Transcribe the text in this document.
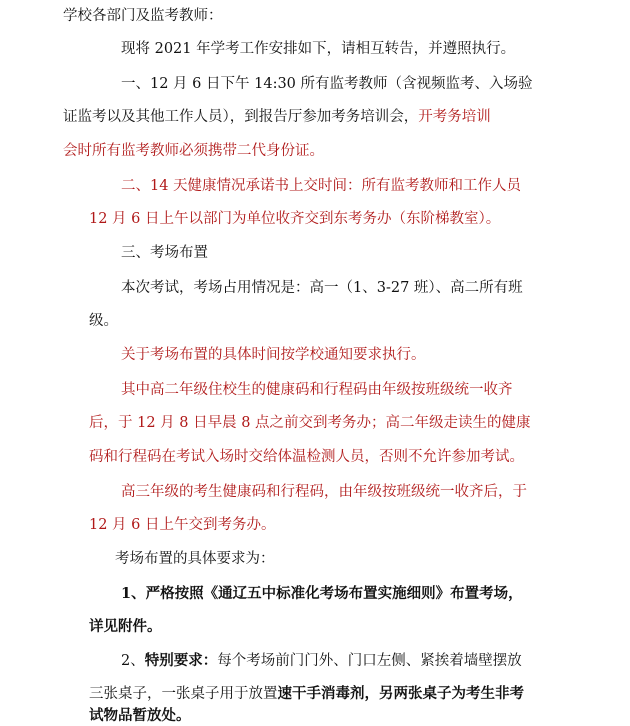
学校各部门及监考教师：
现将 2021 年学考工作安排如下，请相互转告，并遵照执行。
一、12 月 6 日下午 14:30 所有监考教师（含视频监考、入场验
证监考以及其他工作人员），到报告厅参加考务培训会，开考务培训
会时所有监考教师必须携带二代身份证。
二、14 天健康情况承诺书上交时间：所有监考教师和工作人员
12 月 6 日上午以部门为单位收齐交到东考务办（东阶梯教室）。
三、考场布置
本次考试，考场占用情况是：高一（1、3-27 班）、高二所有班
级。
关于考场布置的具体时间按学校通知要求执行。
其中高二年级住校生的健康码和行程码由年级按班级统一收齐
后，于 12 月 8 日早晨 8 点之前交到考务办；高二年级走读生的健康
码和行程码在考试入场时交给体温检测人员，否则不允许参加考试。
高三年级的考生健康码和行程码，由年级按班级统一收齐后，于
12 月 6 日上午交到考务办。
考场布置的具体要求为：
1、严格按照《通辽五中标准化考场布置实施细则》布置考场，
详见附件。
2、特别要求：每个考场前门门外、门口左侧、紧挨着墙壁摆放
三张桌子，一张桌子用于放置速干手消毒剂，另两张桌子为考生非考
试物品暂放处。
